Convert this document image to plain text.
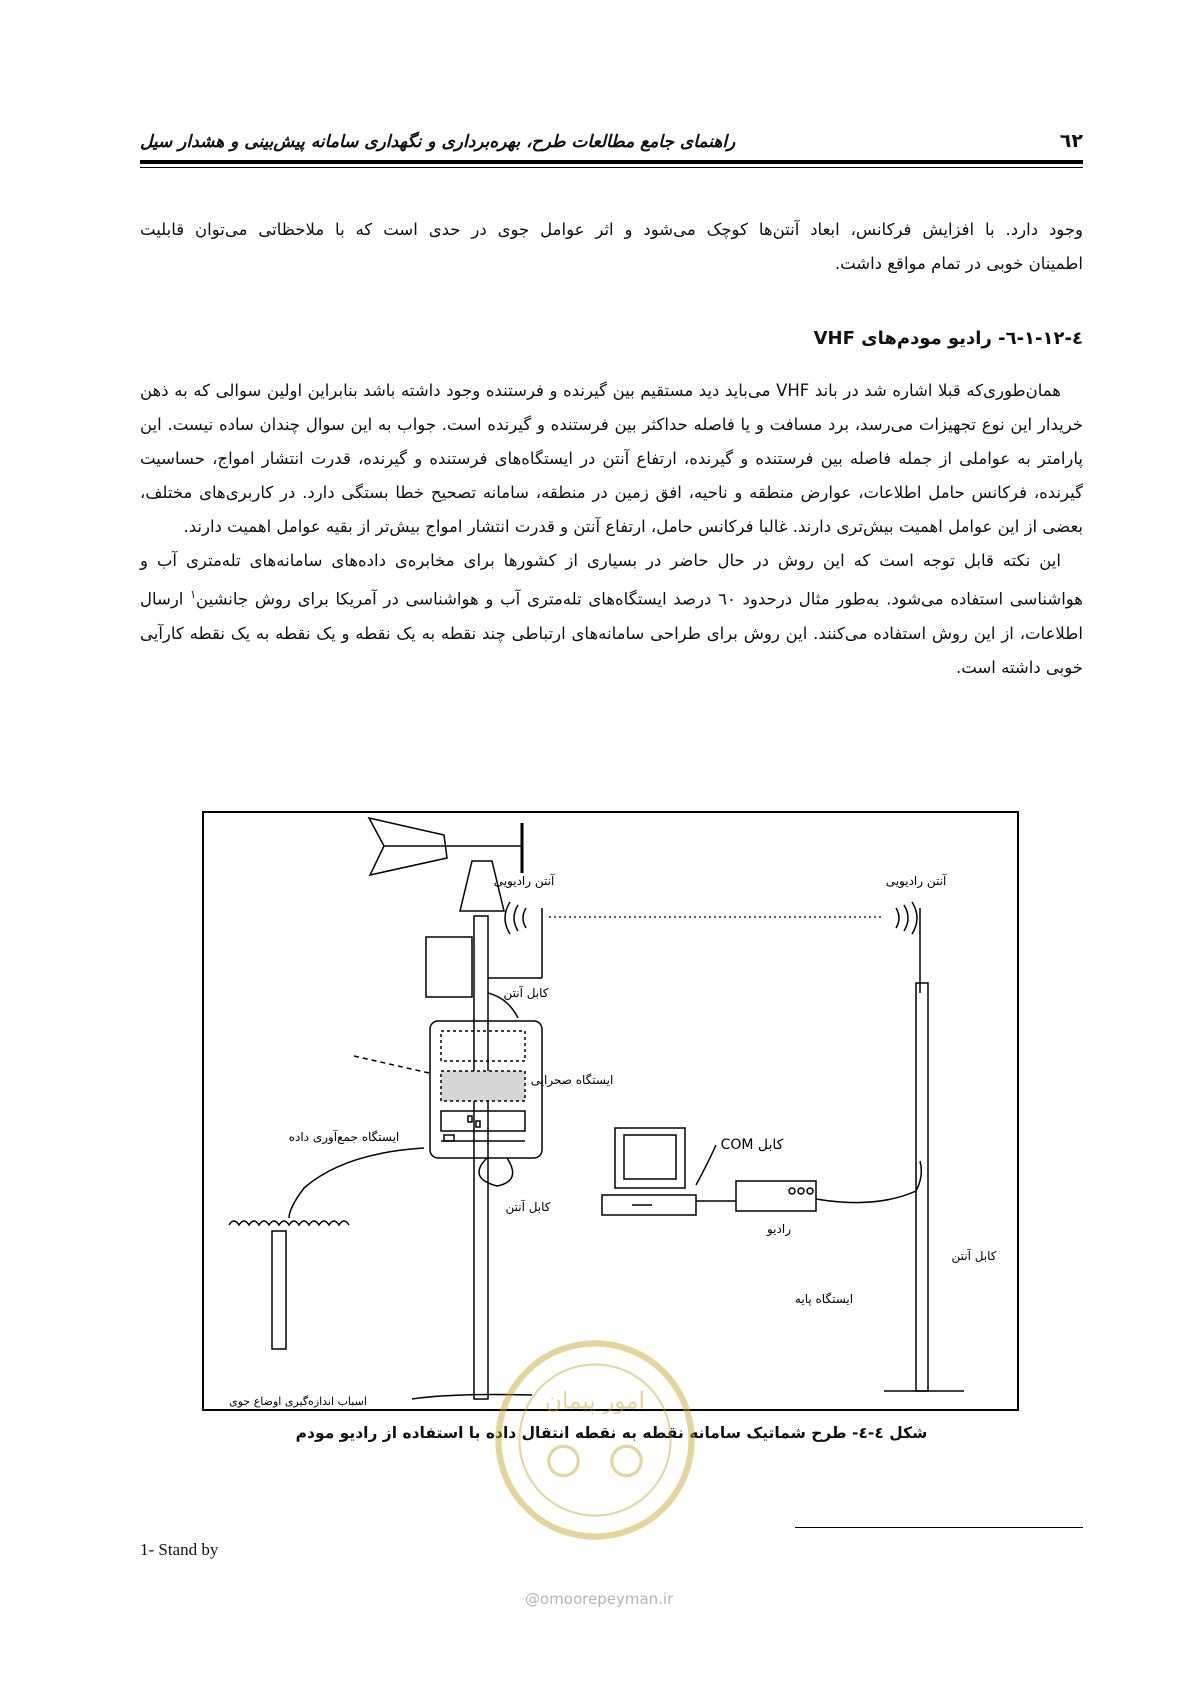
راهنمای جامع مطالعات طرح، بهره‌برداری و نگهداری سامانه پیش‌بینی و هشدار سیل	٦٢

وجود دارد. با افزایش فرکانس، ابعاد آنتن‌ها کوچک می‌شود و اثر عوامل جوی در حدی است که با ملاحظاتی می‌توان قابلیت

اطمینان خوبی در تمام مواقع داشت.

٤-١٢-١-٦- رادیو مودم‌های VHF

همان‌طوری‌که قبلا اشاره شد در باند VHF می‌باید دید مستقیم بین گیرنده و فرستنده وجود داشته باشد بنابراین اولین سوالی که به ذهن خریدار این نوع تجهیزات می‌رسد، برد مسافت و یا فاصله حداکثر بین فرستنده و گیرنده است. جواب به این سوال چندان ساده نیست. این پارامتر به عواملی از جمله فاصله بین فرستنده و گیرنده، ارتفاع آنتن در ایستگاه‌های فرستنده و گیرنده، قدرت انتشار امواج، حساسیت گیرنده، فرکانس حامل اطلاعات، عوارض منطقه و ناحیه، افق زمین در منطقه، سامانه تصحیح خطا بستگی دارد. در کاربری‌های مختلف، بعضی از این عوامل اهمیت بیش‌تری دارند. غالبا فرکانس حامل، ارتفاع آنتن و قدرت انتشار امواج بیش‌تر از بقیه عوامل اهمیت دارند.

این نکته قابل توجه است که این روش در حال حاضر در بسیاری از کشورها برای مخابره‌ی داده‌های سامانه‌های تله‌متری آب و هواشناسی استفاده می‌شود. به‌طور مثال درحدود ٦٠ درصد ایستگاه‌های تله‌متری آب و هواشناسی در آمریکا برای روش جانشین$^١$ ارسال اطلاعات، از این روش استفاده می‌کنند. این روش برای طراحی سامانه‌های ارتباطی چند نقطه به یک نقطه و یک نقطه به یک نقطه کارآیی خوبی داشته است.

آنتن رادیویی	آنتن رادیویی
کابل آنتن
ایستگاه صحرایی
ایستگاه جمع‌آوری داده
کابل آنتن
کابل COM
رادیو
کابل آنتن
ایستگاه پایه
اسباب اندازه‌گیری اوضاع جوی
شکل ٤-٤- طرح شماتیک سامانه نقطه به نقطه انتقال داده با استفاده از رادیو مودم
امور پیمان
1- Stand by
@omoorepeyman.ir
